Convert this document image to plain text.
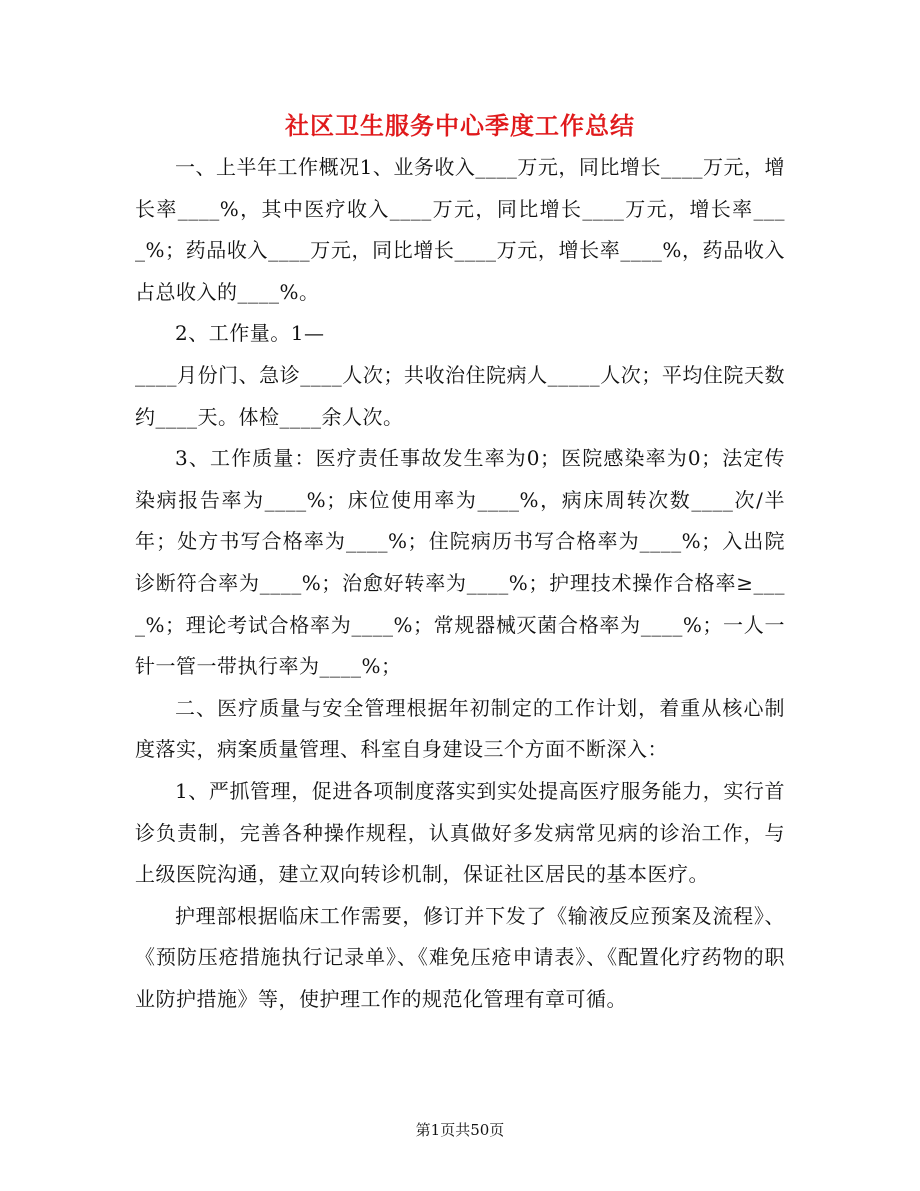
社区卫生服务中心季度工作总结

一、上半年工作概况1、业务收入____万元，同比增长____万元，增长率____%，其中医疗收入____万元，同比增长____万元，增长率____%；药品收入____万元，同比增长____万元，增长率____%，药品收入占总收入的____%。

2、工作量。1—

____月份门、急诊____人次；共收治住院病人_____人次；平均住院天数约____天。体检____余人次。

3、工作质量：医疗责任事故发生率为0；医院感染率为0；法定传染病报告率为____%；床位使用率为____%，病床周转次数____次/半年；处方书写合格率为____%；住院病历书写合格率为____%；入出院诊断符合率为____%；治愈好转率为____%；护理技术操作合格率≥____%；理论考试合格率为____%；常规器械灭菌合格率为____%；一人一针一管一带执行率为____%；

二、医疗质量与安全管理根据年初制定的工作计划，着重从核心制度落实，病案质量管理、科室自身建设三个方面不断深入：

1、严抓管理，促进各项制度落实到实处提高医疗服务能力，实行首诊负责制，完善各种操作规程，认真做好多发病常见病的诊治工作，与上级医院沟通，建立双向转诊机制，保证社区居民的基本医疗。

护理部根据临床工作需要，修订并下发了《输液反应预案及流程》、《预防压疮措施执行记录单》、《难免压疮申请表》、《配置化疗药物的职业防护措施》等，使护理工作的规范化管理有章可循。

第1页共50页
